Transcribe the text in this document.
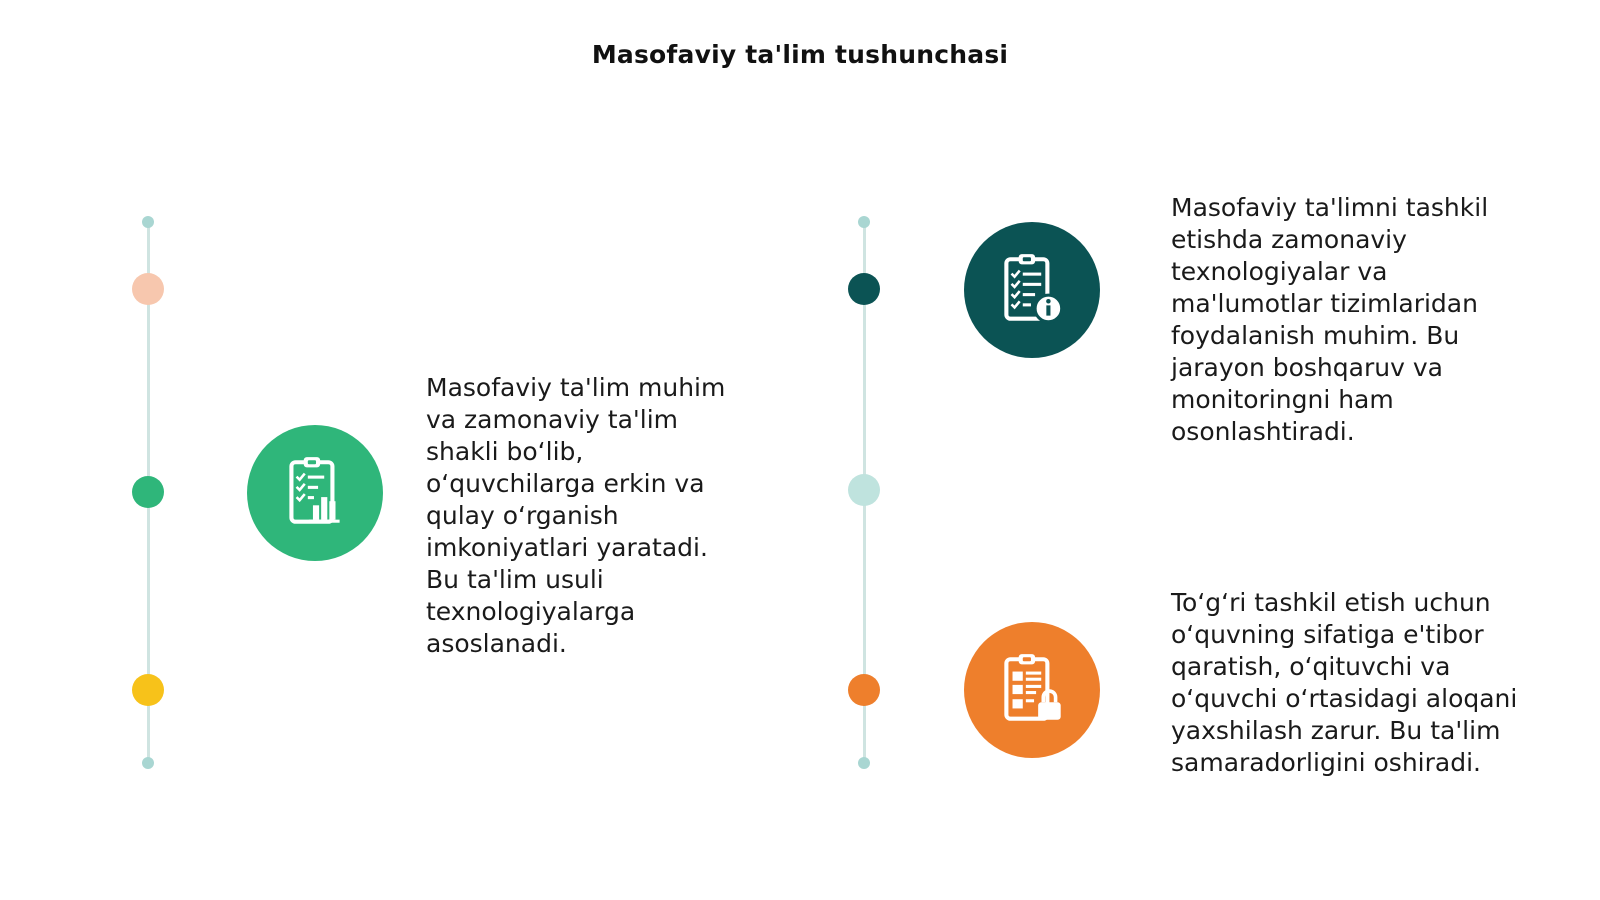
Masofaviy ta'lim tushunchasi
Masofaviy ta'lim muhim
va zamonaviy ta'lim
shakli bo‘lib,
o‘quvchilarga erkin va
qulay o‘rganish
imkoniyatlari yaratadi.
Bu ta'lim usuli
texnologiyalarga
asoslanadi.
Masofaviy ta'limni tashkil
etishda zamonaviy
texnologiyalar va
ma'lumotlar tizimlaridan
foydalanish muhim. Bu
jarayon boshqaruv va
monitoringni ham
osonlashtiradi.
To‘g‘ri tashkil etish uchun
o‘quvning sifatiga e'tibor
qaratish, o‘qituvchi va
o‘quvchi o‘rtasidagi aloqani
yaxshilash zarur. Bu ta'lim
samaradorligini oshiradi.
